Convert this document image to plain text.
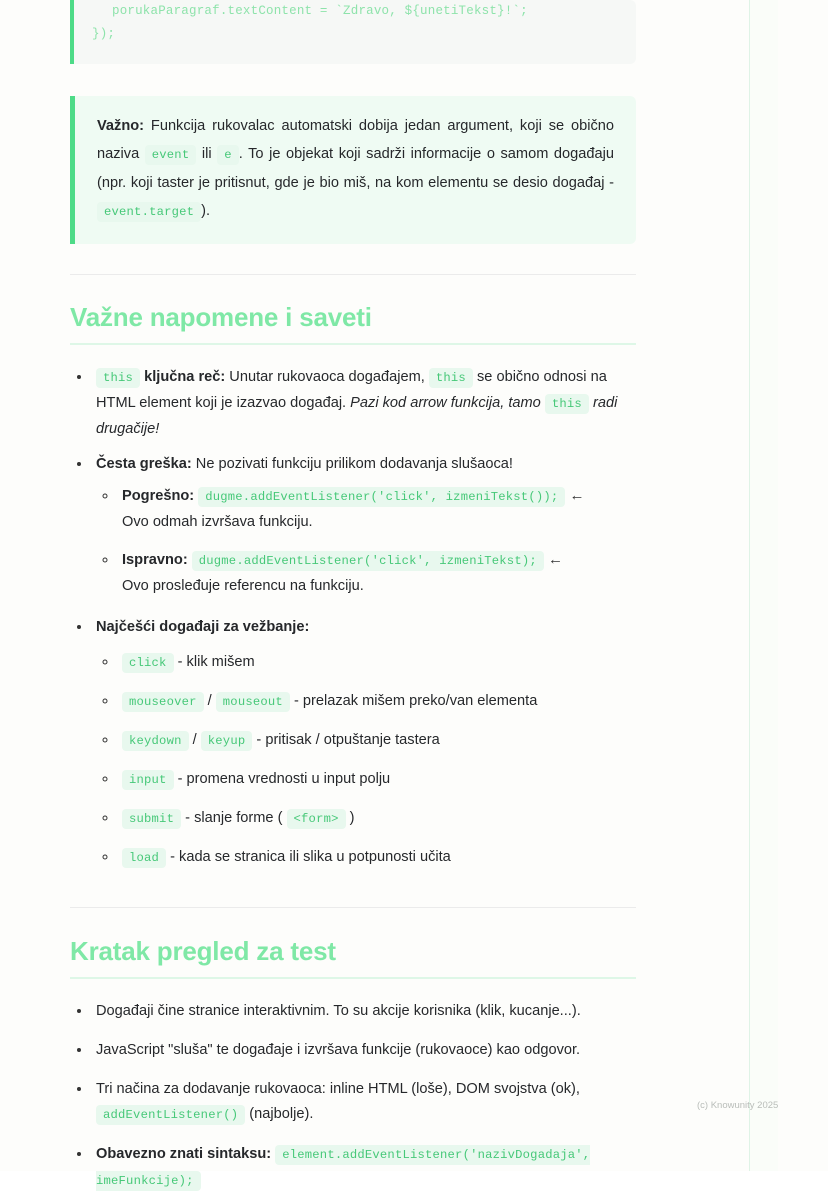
porukaParagraf.textContent = `Zdravo, ${unetiTekst}!`;
});

Važno: Funkcija rukovalac automatski dobija jedan argument, koji se obično naziva event ili e . To je objekat koji sadrži informacije o samom događaju (npr. koji taster je pritisnut, gde je bio miš, na kom elementu se desio događaj - event.target ).

Važne napomene i saveti
• this ključna reč: Unutar rukovaoca događajem, this se obično odnosi na HTML element koji je izazvao događaj. Pazi kod arrow funkcija, tamo this radi drugačije!
• Česta greška: Ne pozivati funkciju prilikom dodavanja slušaoca!
◦ Pogrešno: dugme.addEventListener('click', izmeniTekst()); ←
Ovo odmah izvršava funkciju.
◦ Ispravno: dugme.addEventListener('click', izmeniTekst); ←
Ovo prosleđuje referencu na funkciju.
• Najčešći događaji za vežbanje:
◦ click - klik mišem
◦ mouseover / mouseout - prelazak mišem preko/van elementa
◦ keydown / keyup - pritisak / otpuštanje tastera
◦ input - promena vrednosti u input polju
◦ submit - slanje forme ( <form> )
◦ load - kada se stranica ili slika u potpunosti učita
Kratak pregled za test
• Događaji čine stranice interaktivnim. To su akcije korisnika (klik, kucanje...).
• JavaScript "sluša" te događaje i izvršava funkcije (rukovaoce) kao odgovor.
• Tri načina za dodavanje rukovaoca: inline HTML (loše), DOM svojstva (ok), addEventListener() (najbolje).
• Obavezno znati sintaksu: element.addEventListener('nazivDogadaja', imeFunkcije);
(c) Knowunity 2025
